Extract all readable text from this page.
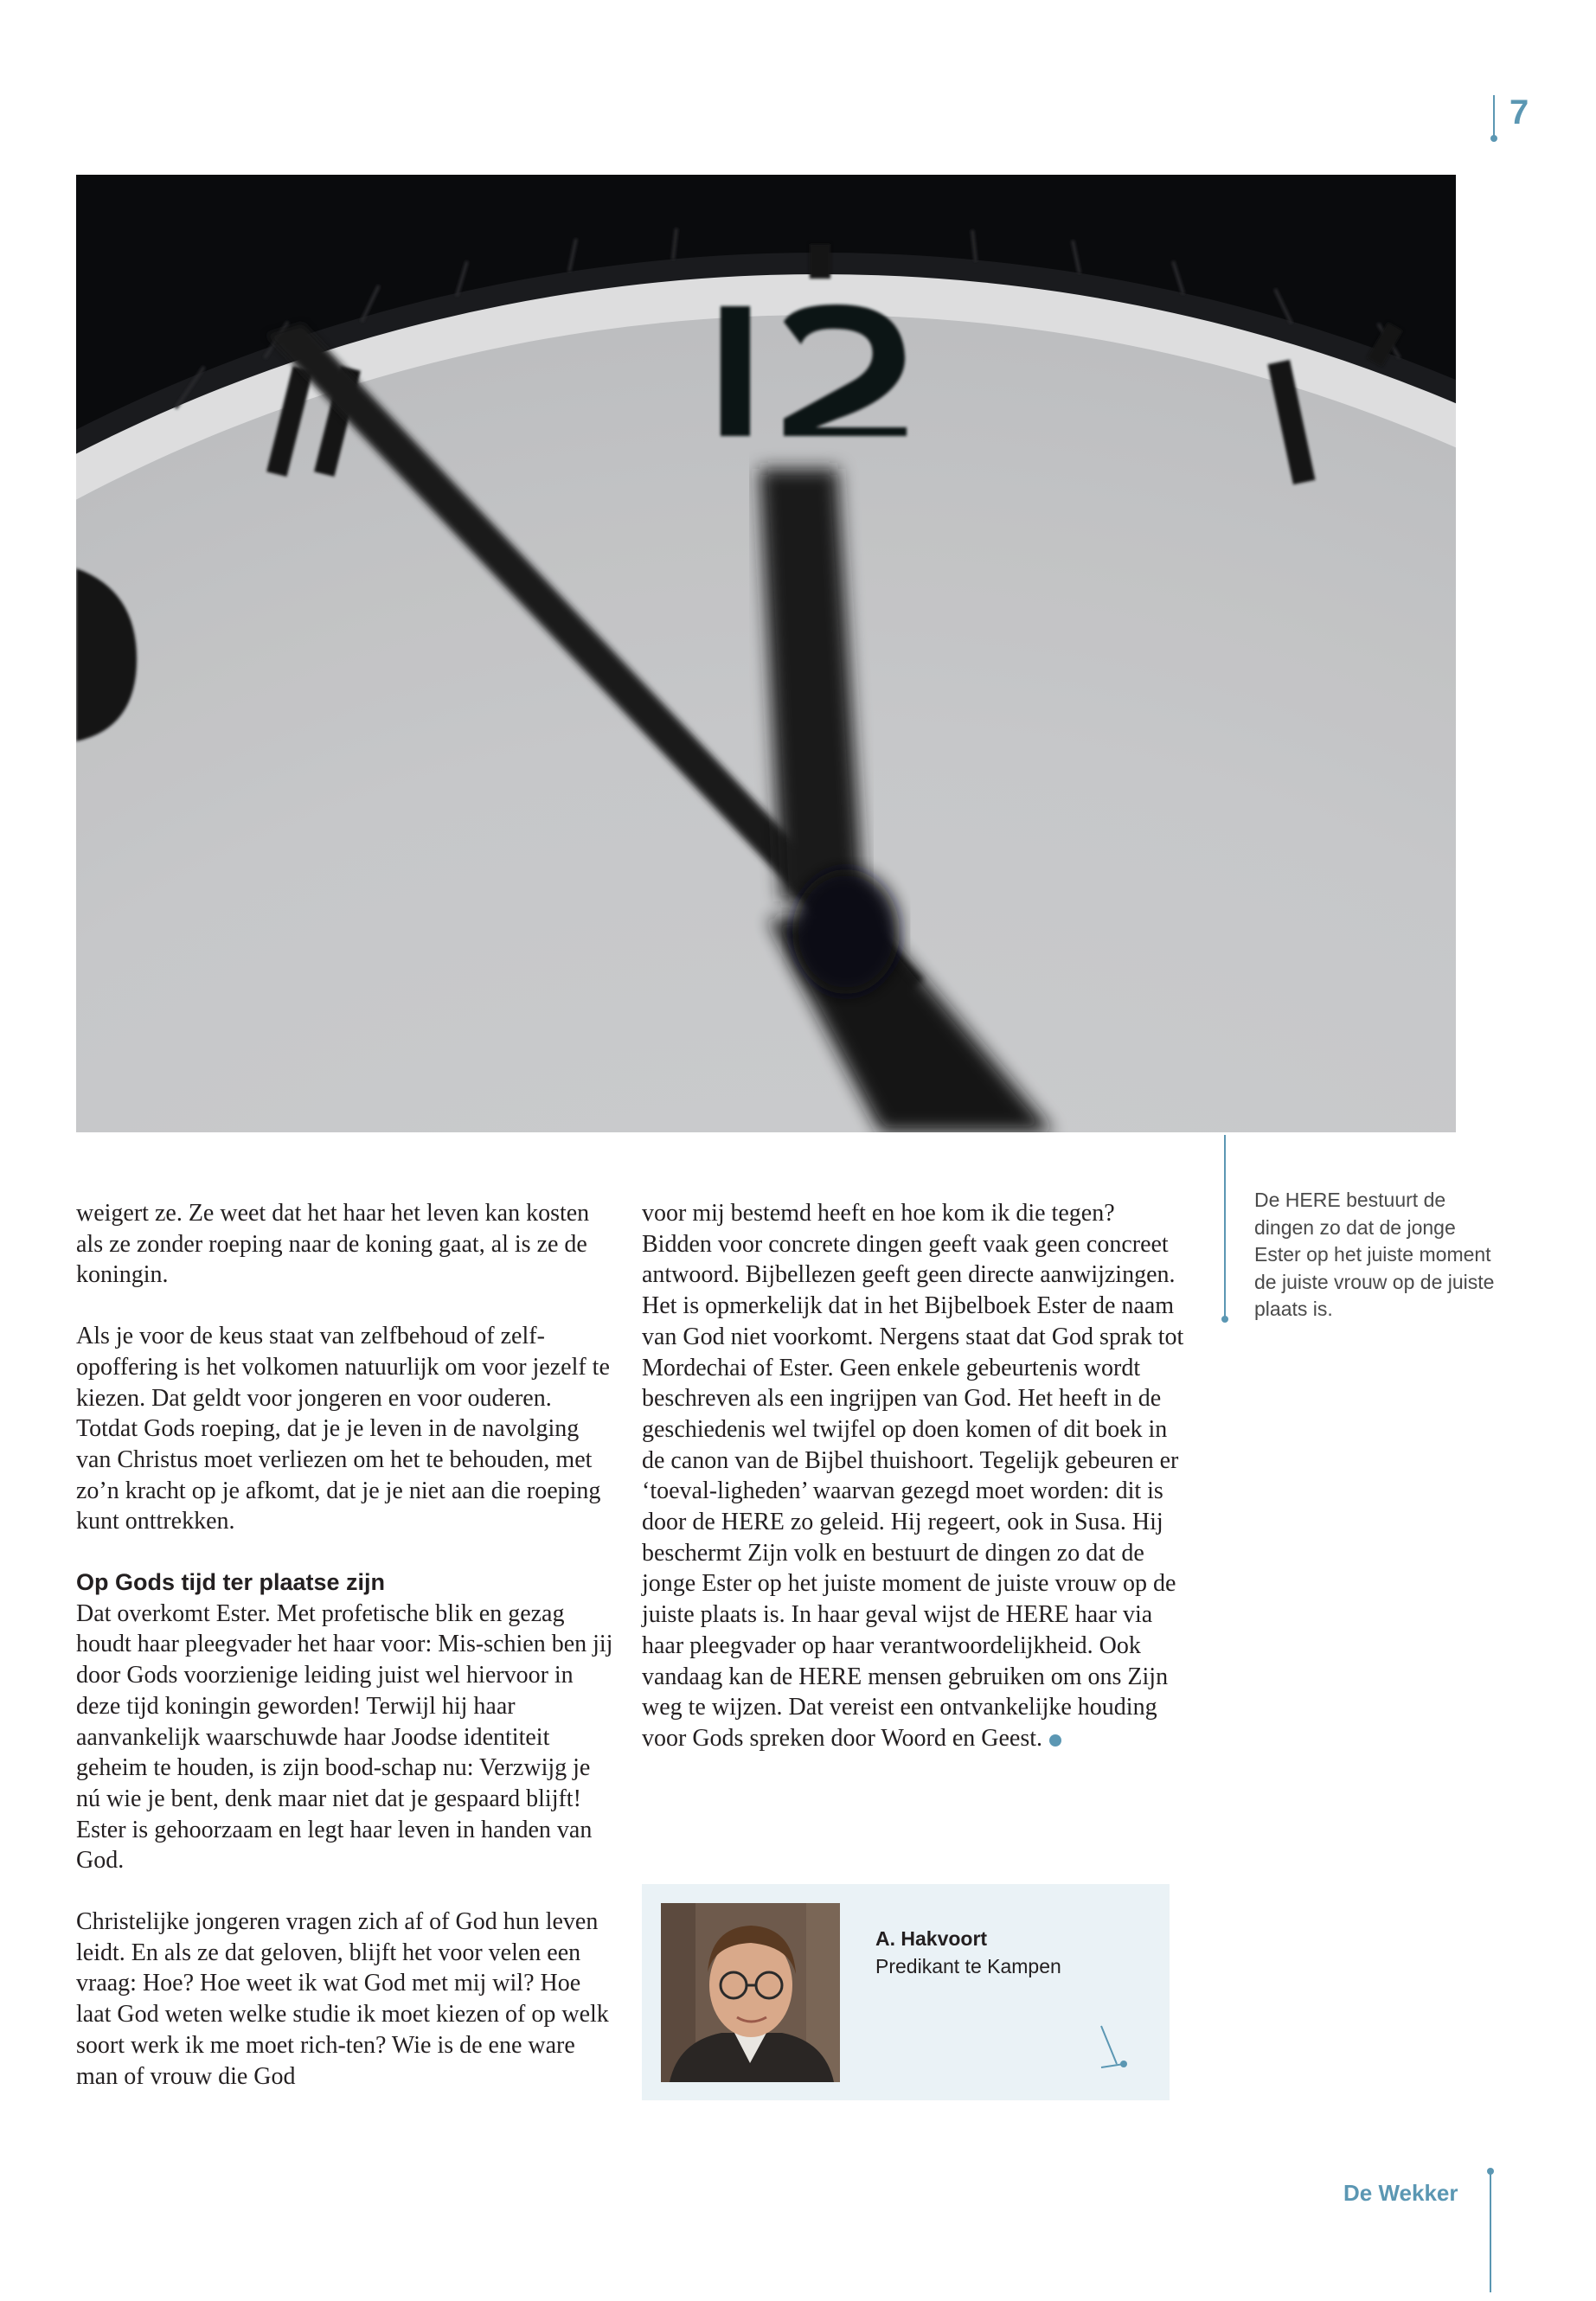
7

weigert ze. Ze weet dat het haar het leven kan kosten als ze zonder roeping naar de koning gaat, al is ze de koningin.

Als je voor de keus staat van zelfbehoud of zelf-opoffering is het volkomen natuurlijk om voor jezelf te kiezen. Dat geldt voor jongeren en voor ouderen. Totdat Gods roeping, dat je je leven in de navolging van Christus moet verliezen om het te behouden, met zo’n kracht op je afkomt, dat je je niet aan die roeping kunt onttrekken.

Op Gods tijd ter plaatse zijn

Dat overkomt Ester. Met profetische blik en gezag houdt haar pleegvader het haar voor: Mis-schien ben jij door Gods voorzienige leiding juist wel hiervoor in deze tijd koningin geworden! Terwijl hij haar aanvankelijk waarschuwde haar Joodse identiteit geheim te houden, is zijn bood-schap nu: Verzwijg je nú wie je bent, denk maar niet dat je gespaard blijft! Ester is gehoorzaam en legt haar leven in handen van God.

Christelijke jongeren vragen zich af of God hun leven leidt. En als ze dat geloven, blijft het voor velen een vraag: Hoe? Hoe weet ik wat God met mij wil? Hoe laat God weten welke studie ik moet kiezen of op welk soort werk ik me moet rich-ten? Wie is de ene ware man of vrouw die God

voor mij bestemd heeft en hoe kom ik die tegen? Bidden voor concrete dingen geeft vaak geen concreet antwoord. Bijbellezen geeft geen directe aanwijzingen.

Het is opmerkelijk dat in het Bijbelboek Ester de naam van God niet voorkomt. Nergens staat dat God sprak tot Mordechai of Ester. Geen enkele gebeurtenis wordt beschreven als een ingrijpen van God. Het heeft in de geschiedenis wel twijfel op doen komen of dit boek in de canon van de Bijbel thuishoort. Tegelijk gebeuren er ‘toeval-ligheden’ waarvan gezegd moet worden: dit is door de HERE zo geleid. Hij regeert, ook in Susa. Hij beschermt Zijn volk en bestuurt de dingen zo dat de jonge Ester op het juiste moment de juiste vrouw op de juiste plaats is. In haar geval wijst de HERE haar via haar pleegvader op haar verantwoordelijkheid. Ook vandaag kan de HERE mensen gebruiken om ons Zijn weg te wijzen. Dat vereist een ontvankelijke houding voor Gods spreken door Woord en Geest.

De HERE bestuurt de dingen zo dat de jonge Ester op het juiste moment de juiste vrouw op de juiste plaats is.
A. Hakvoort
Predikant te Kampen
De Wekker
